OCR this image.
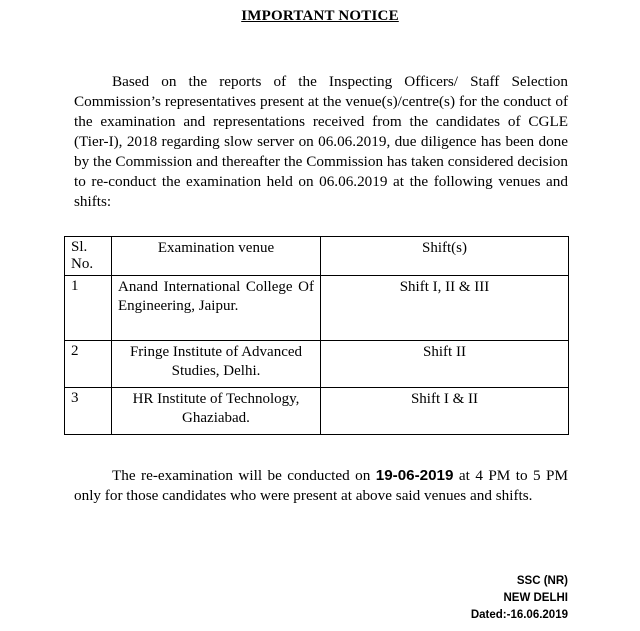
IMPORTANT NOTICE

Based on the reports of the Inspecting Officers/ Staff Selection Commission’s representatives present at the venue(s)/centre(s) for the conduct of the examination and representations received from the candidates of CGLE (Tier-I), 2018 regarding slow server on 06.06.2019, due diligence has been done by the Commission and thereafter the Commission has taken considered decision to re-conduct the examination held on 06.06.2019 at the following venues and shifts:

Sl. No.	Examination venue	Shift(s)
1	Anand International College Of Engineering, Jaipur.	Shift I, II & III
2	Fringe Institute of Advanced Studies, Delhi.	Shift II
3	HR Institute of Technology, Ghaziabad.	Shift I & II

The re-examination will be conducted on 19-06-2019 at 4 PM to 5 PM only for those candidates who were present at above said venues and shifts.

SSC (NR)
NEW DELHI
Dated:-16.06.2019
